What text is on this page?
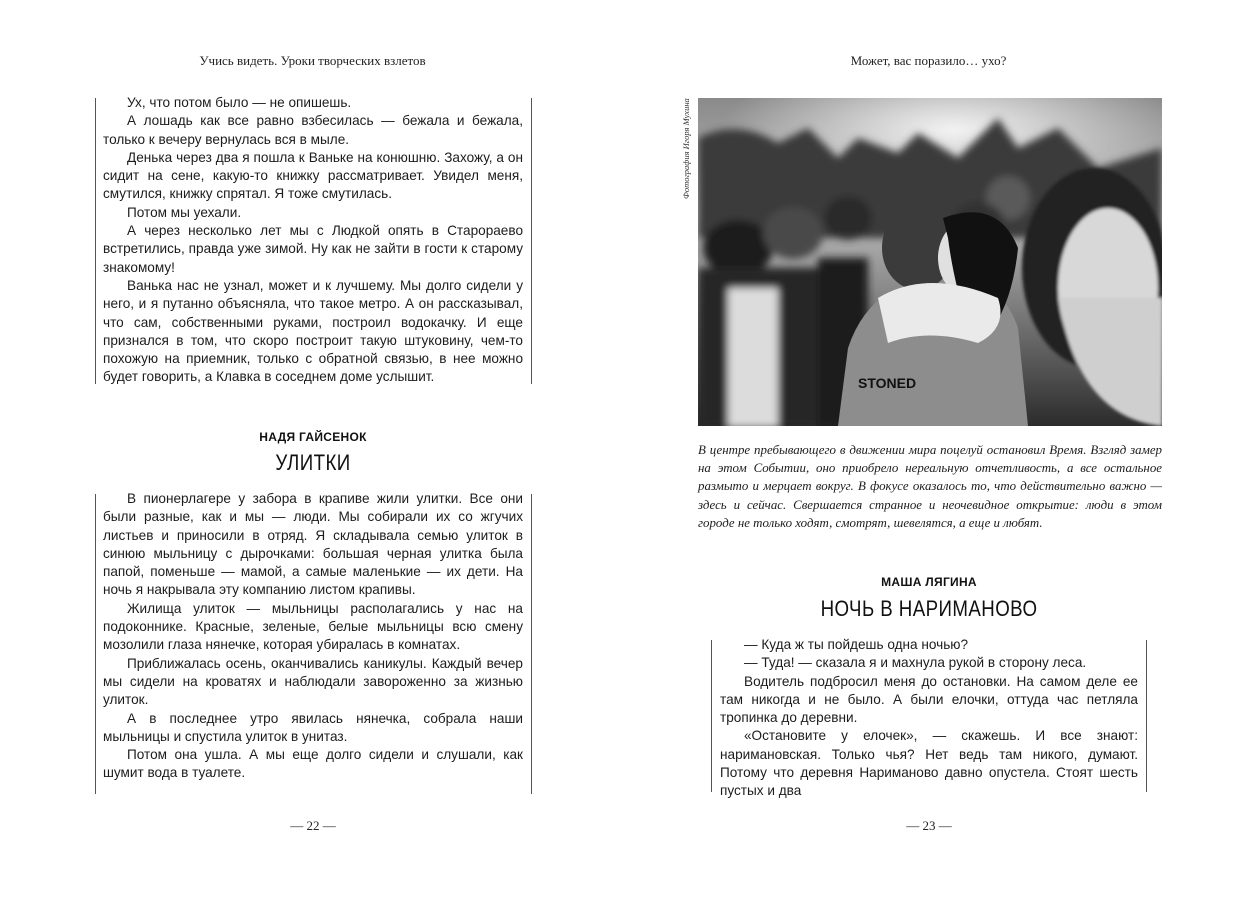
Учись видеть. Уроки творческих взлетов

Ух, что потом было — не опишешь.

А лошадь как все равно взбесилась — бежала и бежала, только к вечеру вернулась вся в мыле.

Денька через два я пошла к Ваньке на конюшню. Захожу, а он сидит на сене, какую-то книжку рассматривает. Увидел меня, смутился, книжку спрятал. Я тоже смутилась.

Потом мы уехали.

А через несколько лет мы с Людкой опять в Старораево встретились, правда уже зимой. Ну как не зайти в гости к старому знакомому!

Ванька нас не узнал, может и к лучшему. Мы долго сидели у него, и я путанно объясняла, что такое метро. А он рассказывал, что сам, собственными руками, построил водокачку. И еще признался в том, что скоро построит такую штуковину, чем-то похожую на приемник, только с обратной связью, в нее можно будет говорить, а Клавка в соседнем доме услышит.

НАДЯ ГАЙСЕНОК
УЛИТКИ

В пионерлагере у забора в крапиве жили улитки. Все они были разные, как и мы — люди. Мы собирали их со жгучих листьев и приносили в отряд. Я складывала семью улиток в синюю мыльницу с дырочками: большая черная улитка была папой, поменьше — мамой, а самые маленькие — их дети. На ночь я накрывала эту компанию листом крапивы.

Жилища улиток — мыльницы располагались у нас на подоконнике. Красные, зеленые, белые мыльницы всю смену мозолили глаза нянечке, которая убиралась в комнатах.

Приближалась осень, оканчивались каникулы. Каждый вечер мы сидели на кроватях и наблюдали завороженно за жизнью улиток.

А в последнее утро явилась нянечка, собрала наши мыльницы и спустила улиток в унитаз.

Потом она ушла. А мы еще долго сидели и слушали, как шумит вода в туалете.

— 22 —
Может, вас поразило… ухо?
Фотография Игоря Мухина
STONED
В центре пребывающего в движении мира поцелуй остановил Время. Взгляд замер на этом Событии, оно приобрело нереальную отчетливость, а все остальное размыто и мерцает вокруг. В фокусе оказалось то, что действительно важно — здесь и сейчас. Свершается странное и неочевидное открытие: люди в этом городе не только ходят, смотрят, шевелятся, а еще и любят.
МАША ЛЯГИНА
НОЧЬ В НАРИМАНОВО

— Куда ж ты пойдешь одна ночью?

— Туда! — сказала я и махнула рукой в сторону леса.

Водитель подбросил меня до остановки. На самом деле ее там никогда и не было. А были елочки, оттуда час петляла тропинка до деревни.

«Остановите у елочек», — скажешь. И все знают: наримановская. Только чья? Нет ведь там никого, думают. Потому что деревня Нариманово давно опустела. Стоят шесть пустых и два

— 23 —
